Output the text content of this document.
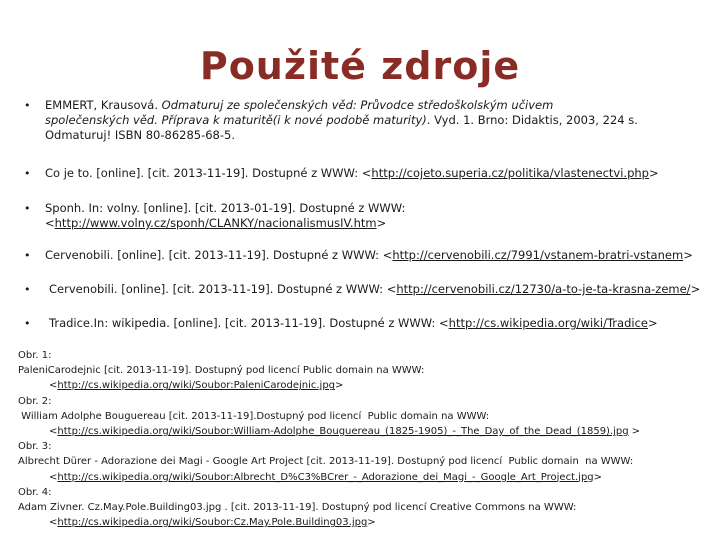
Použité zdroje
• EMMERT, Krausová. Odmaturuj ze společenských věd: Průvodce středoškolským učivem
společenských věd. Příprava k maturitě(i k nové podobě maturity). Vyd. 1. Brno: Didaktis, 2003, 224 s.
Odmaturuj! ISBN 80-86285-68-5.
• Co je to. [online]. [cit. 2013-11-19]. Dostupné z WWW: <http://cojeto.superia.cz/politika/vlastenectvi.php>
• Sponh. In: volny. [online]. [cit. 2013-01-19]. Dostupné z WWW:
<http://www.volny.cz/sponh/CLANKY/nacionalismusIV.htm>
• Cervenobili. [online]. [cit. 2013-11-19]. Dostupné z WWW: <http://cervenobili.cz/7991/vstanem-bratri-vstanem>
• Cervenobili. [online]. [cit. 2013-11-19]. Dostupné z WWW: <http://cervenobili.cz/12730/a-to-je-ta-krasna-zeme/>
• Tradice.In: wikipedia. [online]. [cit. 2013-11-19]. Dostupné z WWW: <http://cs.wikipedia.org/wiki/Tradice>
Obr. 1:
PaleniCarodejnic [cit. 2013-11-19]. Dostupný pod licencí Public domain na WWW:
<http://cs.wikipedia.org/wiki/Soubor:PaleniCarodejnic.jpg>
Obr. 2:
William Adolphe Bouguereau [cit. 2013-11-19].Dostupný pod licencí  Public domain na WWW:
<http://cs.wikipedia.org/wiki/Soubor:William-Adolphe_Bouguereau_(1825-1905)_-_The_Day_of_the_Dead_(1859).jpg >
Obr. 3:
Albrecht Dürer - Adorazione dei Magi - Google Art Project [cit. 2013-11-19]. Dostupný pod licencí  Public domain  na WWW:
<http://cs.wikipedia.org/wiki/Soubor:Albrecht_D%C3%BCrer_-_Adorazione_dei_Magi_-_Google_Art_Project.jpg>
Obr. 4:
Adam Zivner. Cz.May.Pole.Building03.jpg . [cit. 2013-11-19]. Dostupný pod licencí Creative Commons na WWW:
<http://cs.wikipedia.org/wiki/Soubor:Cz.May.Pole.Building03.jpg>
